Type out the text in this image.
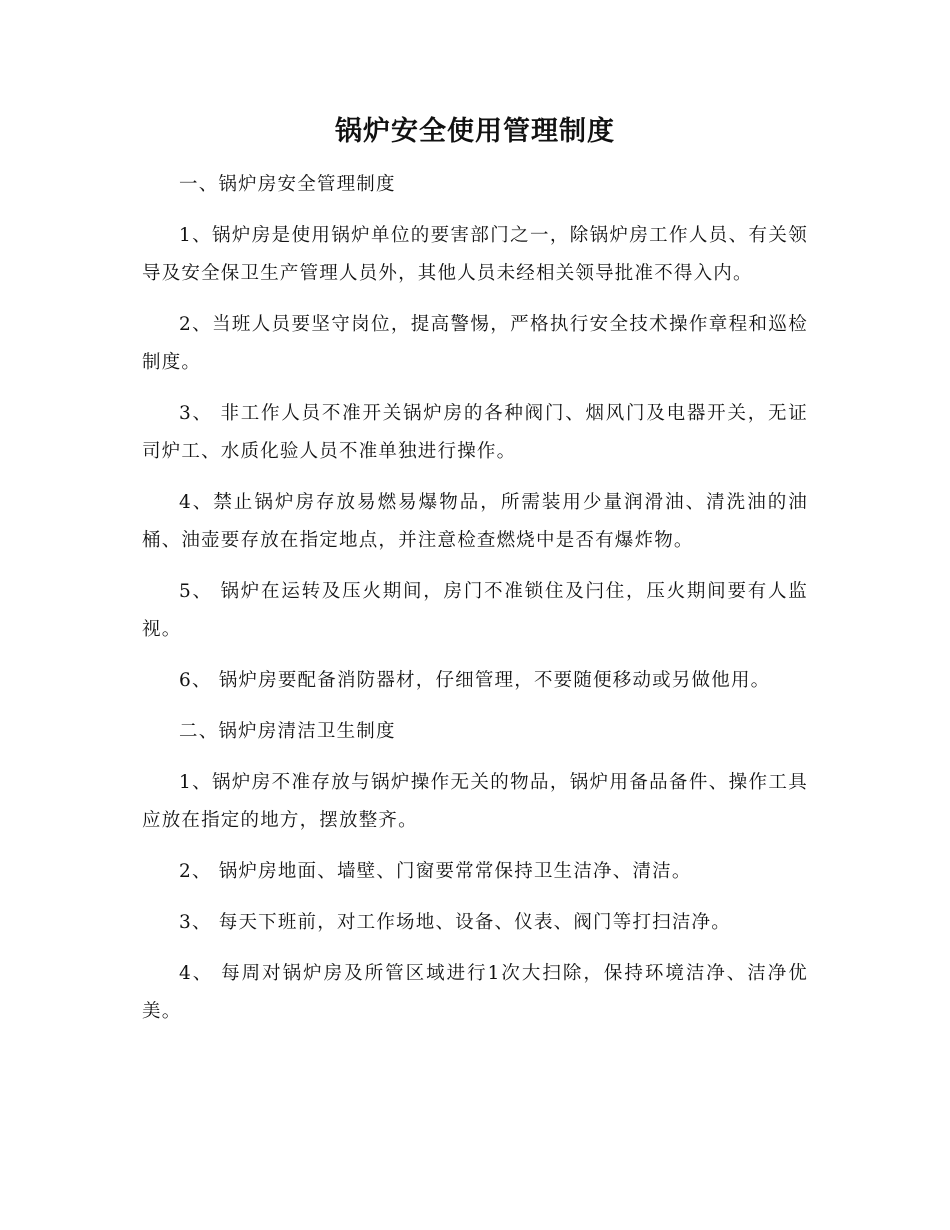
锅炉安全使用管理制度

一、锅炉房安全管理制度

1、锅炉房是使用锅炉单位的要害部门之一，除锅炉房工作人员、有关领导及安全保卫生产管理人员外，其他人员未经相关领导批准不得入内。

2、当班人员要坚守岗位，提高警惕，严格执行安全技术操作章程和巡检制度。

3、 非工作人员不准开关锅炉房的各种阀门、烟风门及电器开关，无证司炉工、水质化验人员不准单独进行操作。

4、禁止锅炉房存放易燃易爆物品，所需装用少量润滑油、清洗油的油桶、油壶要存放在指定地点，并注意检查燃烧中是否有爆炸物。

5、 锅炉在运转及压火期间，房门不准锁住及闩住，压火期间要有人监视。

6、 锅炉房要配备消防器材，仔细管理，不要随便移动或另做他用。

二、锅炉房清洁卫生制度

1、锅炉房不准存放与锅炉操作无关的物品，锅炉用备品备件、操作工具应放在指定的地方，摆放整齐。

2、 锅炉房地面、墙壁、门窗要常常保持卫生洁净、清洁。

3、 每天下班前，对工作场地、设备、仪表、阀门等打扫洁净。

4、 每周对锅炉房及所管区域进行1次大扫除，保持环境洁净、洁净优美。
